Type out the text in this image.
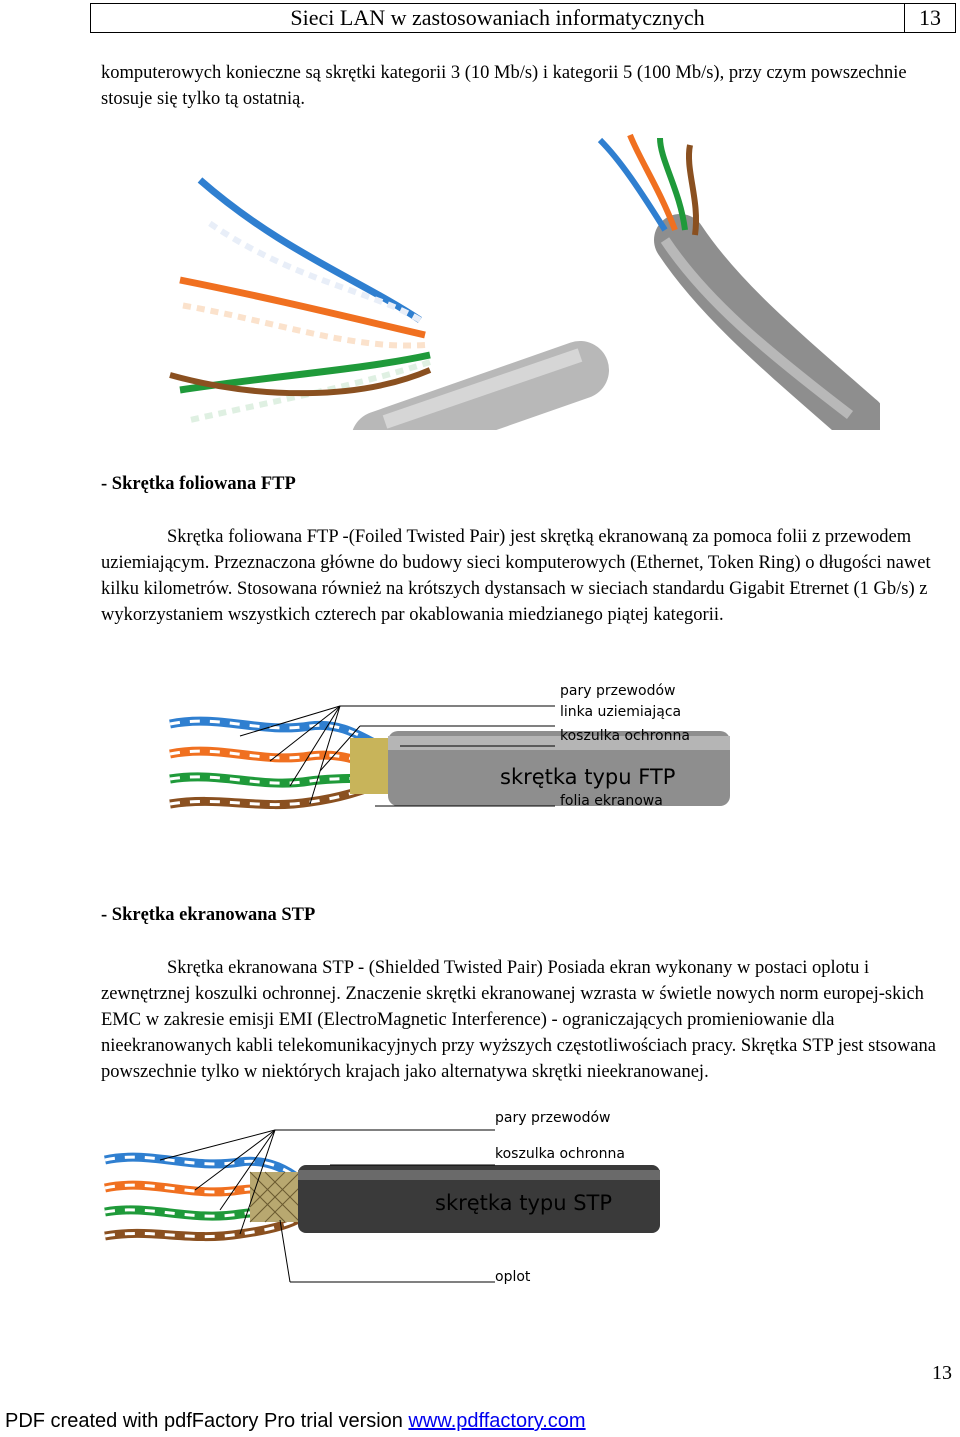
Sieci LAN w zastosowaniach informatycznych	13

komputerowych konieczne są skrętki kategorii 3 (10 Mb/s) i kategorii 5 (100 Mb/s), przy czym powszechnie stosuje się tylko tą ostatnią.

- Skrętka foliowana FTP

Skrętka foliowana FTP -(Foiled Twisted Pair) jest skrętką ekranowaną za pomoca folii z przewodem uziemiającym. Przeznaczona główne do budowy sieci komputerowych (Ethernet, Token Ring) o długości nawet kilku kilometrów. Stosowana również na krótszych dystansach w sieciach standardu Gigabit Etrernet (1 Gb/s) z wykorzystaniem wszystkich czterech par okablowania miedzianego piątej kategorii.

pary przewodów
linka uziemiająca
koszulka ochronna
skrętka typu FTP
folia ekranowa

- Skrętka ekranowana STP

Skrętka ekranowana STP - (Shielded Twisted Pair) Posiada ekran wykonany w postaci oplotu i zewnętrznej koszulki ochronnej. Znaczenie skrętki ekranowanej wzrasta w świetle nowych norm europej-skich EMC w zakresie emisji EMI (ElectroMagnetic Interference) - ograniczających promieniowanie dla nieekranowanych kabli telekomunikacyjnych przy wyższych częstotliwościach pracy. Skrętka STP jest stsowana powszechnie tylko w niektórych krajach jako alternatywa skrętki nieekranowanej.

pary przewodów
koszulka ochronna
skrętka typu STP
oplot
13
PDF created with pdfFactory Pro trial version www.pdffactory.com
